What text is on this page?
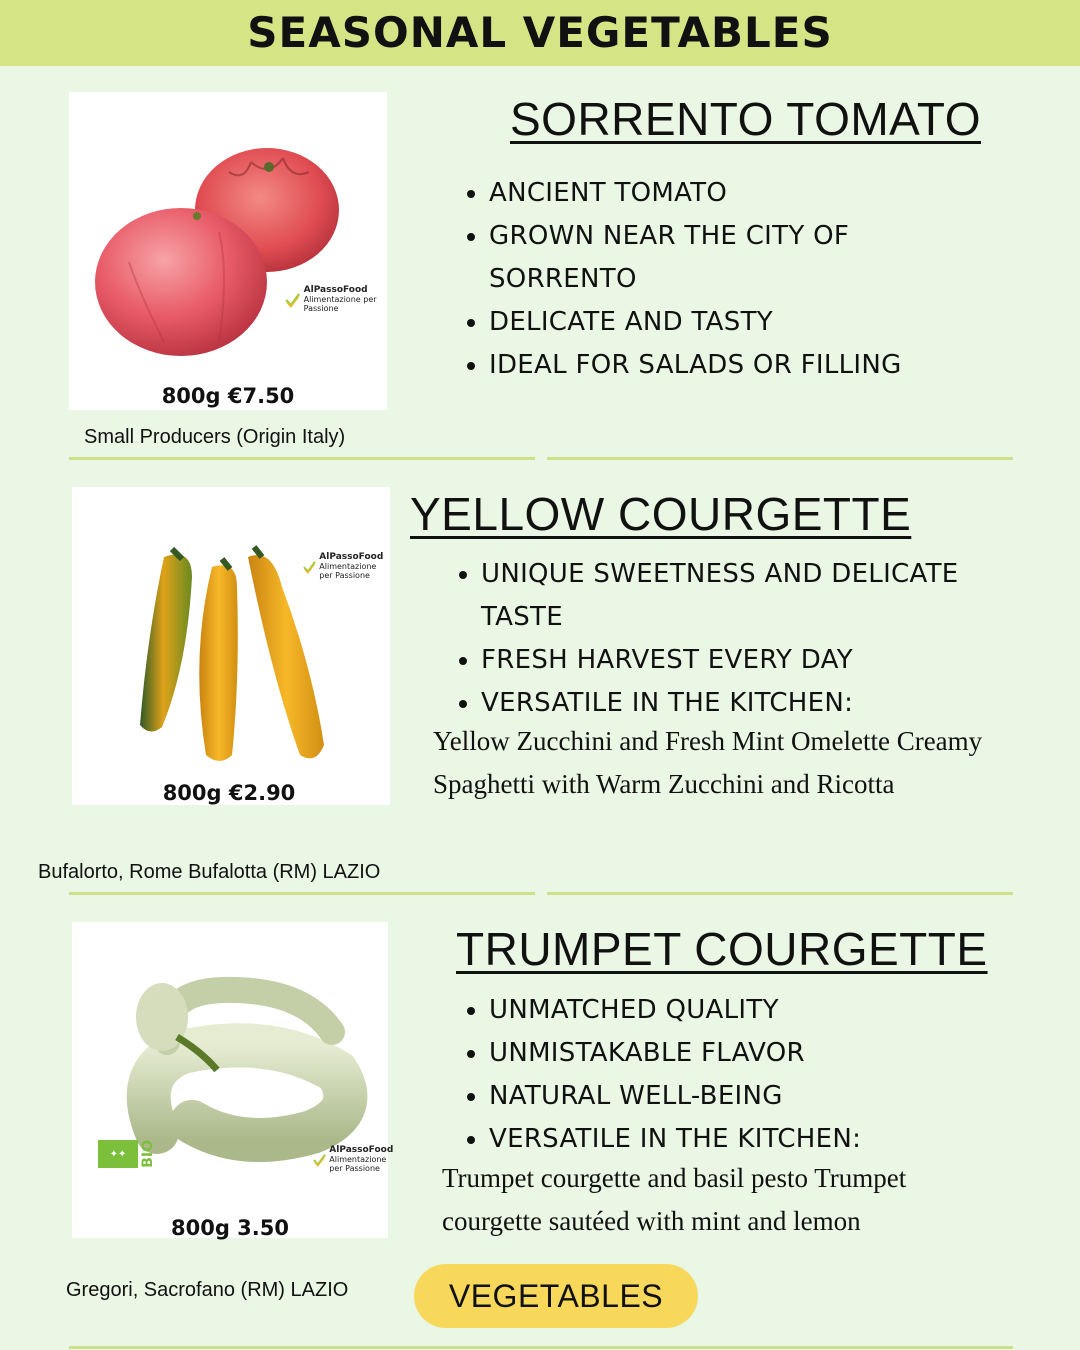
SEASONAL VEGETABLES
AlPassoFood
Alimentazione per Passione
800g €7.50
Small Producers (Origin Italy)
SORRENTO TOMATO
• ANCIENT TOMATO
• GROWN NEAR THE CITY OF SORRENTO
• DELICATE AND TASTY
• IDEAL FOR SALADS OR FILLING
AlPassoFood
Alimentazione per Passione
800g €2.90
Bufalorto, Rome Bufalotta (RM) LAZIO
YELLOW COURGETTE
• UNIQUE SWEETNESS AND DELICATE TASTE
• FRESH HARVEST EVERY DAY
• VERSATILE IN THE KITCHEN:

Yellow Zucchini and Fresh Mint Omelette Creamy Spaghetti with Warm Zucchini and Ricotta

✦✦ BIO	AlPassoFood
Alimentazione per Passione
800g 3.50
Gregori, Sacrofano (RM) LAZIO
TRUMPET COURGETTE
• UNMATCHED QUALITY
• UNMISTAKABLE FLAVOR
• NATURAL WELL-BEING
• VERSATILE IN THE KITCHEN:

Trumpet courgette and basil pesto Trumpet courgette sautéed with mint and lemon

VEGETABLES
